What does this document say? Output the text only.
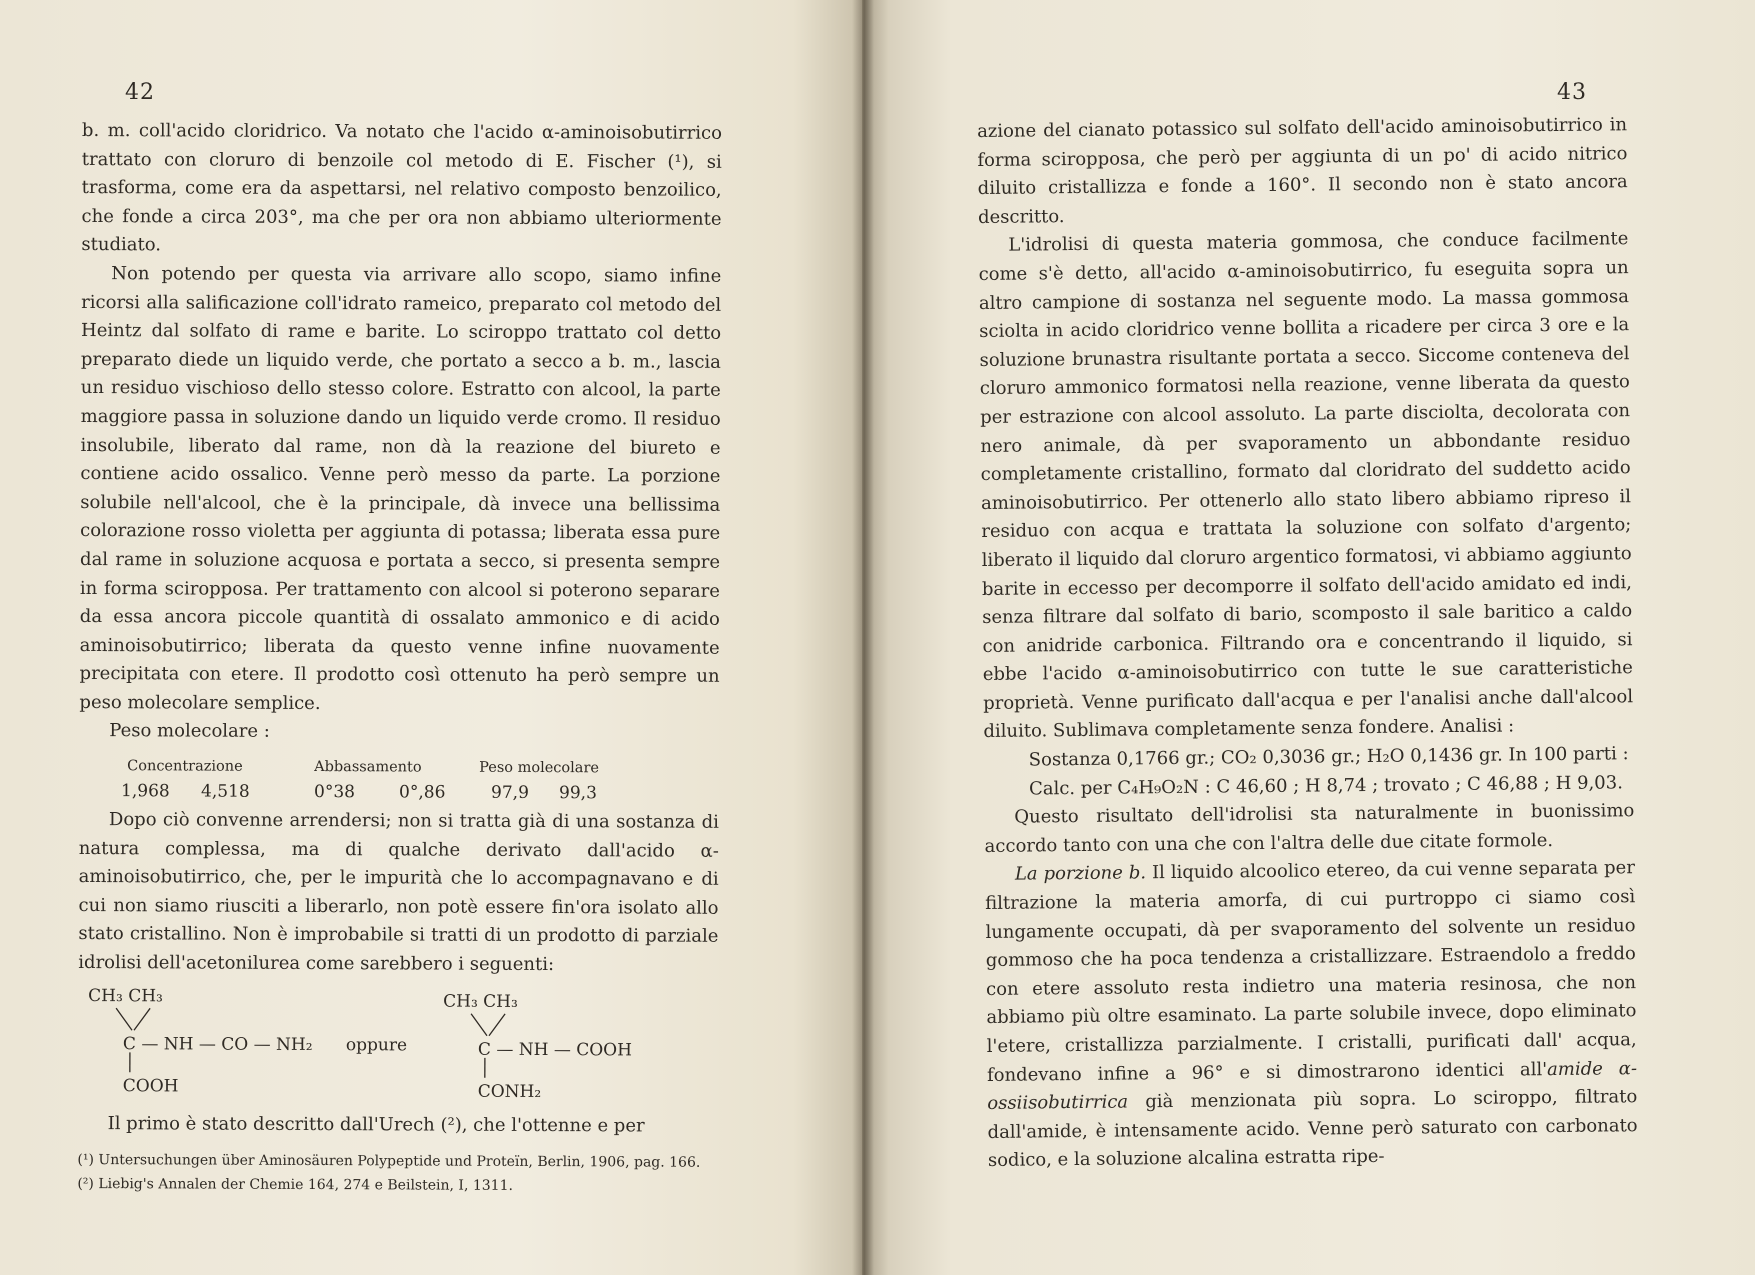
42

b. m. coll'acido cloridrico. Va notato che l'acido α-aminoisobutirrico trattato con cloruro di benzoile col metodo di E. Fischer (¹), si trasforma, come era da aspettarsi, nel relativo composto benzoilico, che fonde a circa 203°, ma che per ora non abbiamo ulteriormente studiato.

Non potendo per questa via arrivare allo scopo, siamo infine ricorsi alla salificazione coll'idrato rameico, preparato col metodo del Heintz dal solfato di rame e barite. Lo sciroppo trattato col detto preparato diede un liquido verde, che portato a secco a b. m., lascia un residuo vischioso dello stesso colore. Estratto con alcool, la parte maggiore passa in soluzione dando un liquido verde cromo. Il residuo insolubile, liberato dal rame, non dà la reazione del biureto e contiene acido ossalico. Venne però messo da parte. La porzione solubile nell'alcool, che è la principale, dà invece una bellissima colorazione rosso violetta per aggiunta di potassa; liberata essa pure dal rame in soluzione acquosa e portata a secco, si presenta sempre in forma sciropposa. Per trattamento con alcool si poterono separare da essa ancora piccole quantità di ossalato ammonico e di acido aminoisobutirrico; liberata da questo venne infine nuovamente precipitata con etere. Il prodotto così ottenuto ha però sempre un peso molecolare semplice.

Peso molecolare :

Concentrazione	Abbassamento	Peso molecolare
1,968 4,518	0°38	0°,86	97,9 99,3

Dopo ciò convenne arrendersi; non si tratta già di una sostanza di natura complessa, ma di qualche derivato dall'acido α-aminoisobutirrico, che, per le impurità che lo accompagnavano e di cui non siamo riusciti a liberarlo, non potè essere fin'ora isolato allo stato cristallino. Non è improbabile si tratti di un prodotto di parziale idrolisi dell'acetonilurea come sarebbero i seguenti:

CH₃ CH₃
C — NH — CO — NH₂
COOH
oppure
CH₃ CH₃
C — NH — COOH
CONH₂

Il primo è stato descritto dall'Urech (²), che l'ottenne e per

(¹) Untersuchungen über Aminosäuren Polypeptide und Proteïn, Berlin, 1906, pag. 166.

(²) Liebig's Annalen der Chemie 164, 274 e Beilstein, I, 1311.

43

azione del cianato potassico sul solfato dell'acido aminoisobutirrico in forma sciropposa, che però per aggiunta di un po' di acido nitrico diluito cristallizza e fonde a 160°. Il secondo non è stato ancora descritto.

L'idrolisi di questa materia gommosa, che conduce facilmente come s'è detto, all'acido α-aminoisobutirrico, fu eseguita sopra un altro campione di sostanza nel seguente modo. La massa gommosa sciolta in acido cloridrico venne bollita a ricadere per circa 3 ore e la soluzione brunastra risultante portata a secco. Siccome conteneva del cloruro ammonico formatosi nella reazione, venne liberata da questo per estrazione con alcool assoluto. La parte disciolta, decolorata con nero animale, dà per svaporamento un abbondante residuo completamente cristallino, formato dal cloridrato del suddetto acido aminoisobutirrico. Per ottenerlo allo stato libero abbiamo ripreso il residuo con acqua e trattata la soluzione con solfato d'argento; liberato il liquido dal cloruro argentico formatosi, vi abbiamo aggiunto barite in eccesso per decomporre il solfato dell'acido amidato ed indi, senza filtrare dal solfato di bario, scomposto il sale baritico a caldo con anidride carbonica. Filtrando ora e concentrando il liquido, si ebbe l'acido α-aminoisobutirrico con tutte le sue caratteristiche proprietà. Venne purificato dall'acqua e per l'analisi anche dall'alcool diluito. Sublimava completamente senza fondere. Analisi :

Sostanza 0,1766 gr.; CO₂ 0,3036 gr.; H₂O 0,1436 gr. In 100 parti :

Calc. per C₄H₉O₂N : C 46,60 ; H 8,74 ; trovato ; C 46,88 ; H 9,03.

Questo risultato dell'idrolisi sta naturalmente in buonissimo accordo tanto con una che con l'altra delle due citate formole.

La porzione b. Il liquido alcoolico etereo, da cui venne separata per filtrazione la materia amorfa, di cui purtroppo ci siamo così lungamente occupati, dà per svaporamento del solvente un residuo gommoso che ha poca tendenza a cristallizzare. Estraendolo a freddo con etere assoluto resta indietro una materia resinosa, che non abbiamo più oltre esaminato. La parte solubile invece, dopo eliminato l'etere, cristallizza parzialmente. I cristalli, purificati dall' acqua, fondevano infine a 96° e si dimostrarono identici all'amide α-ossiisobutirrica già menzionata più sopra. Lo sciroppo, filtrato dall'amide, è intensamente acido. Venne però saturato con carbonato sodico, e la soluzione alcalina estratta ripe-
